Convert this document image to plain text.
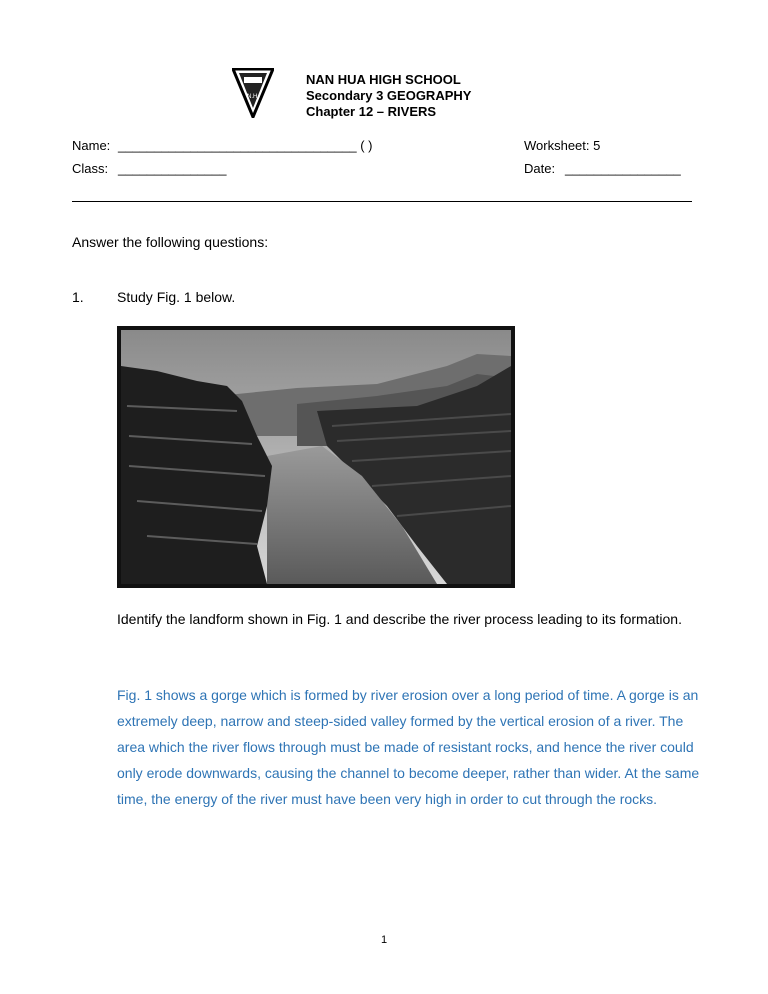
N.H.
NAN HUA HIGH SCHOOL
Secondary 3 GEOGRAPHY
Chapter 12 – RIVERS
Name: _________________________________ ( )	Worksheet: 5
Class: _______________	Date: ________________
Answer the following questions:
1. Study Fig. 1 below.
Identify the landform shown in Fig. 1 and describe the river process leading to its formation.
Fig. 1 shows a gorge which is formed by river erosion over a long period of time. A gorge is an extremely deep, narrow and steep-sided valley formed by the vertical erosion of a river. The area which the river flows through must be made of resistant rocks, and hence the river could only erode downwards, causing the channel to become deeper, rather than wider. At the same time, the energy of the river must have been very high in order to cut through the rocks.
1
